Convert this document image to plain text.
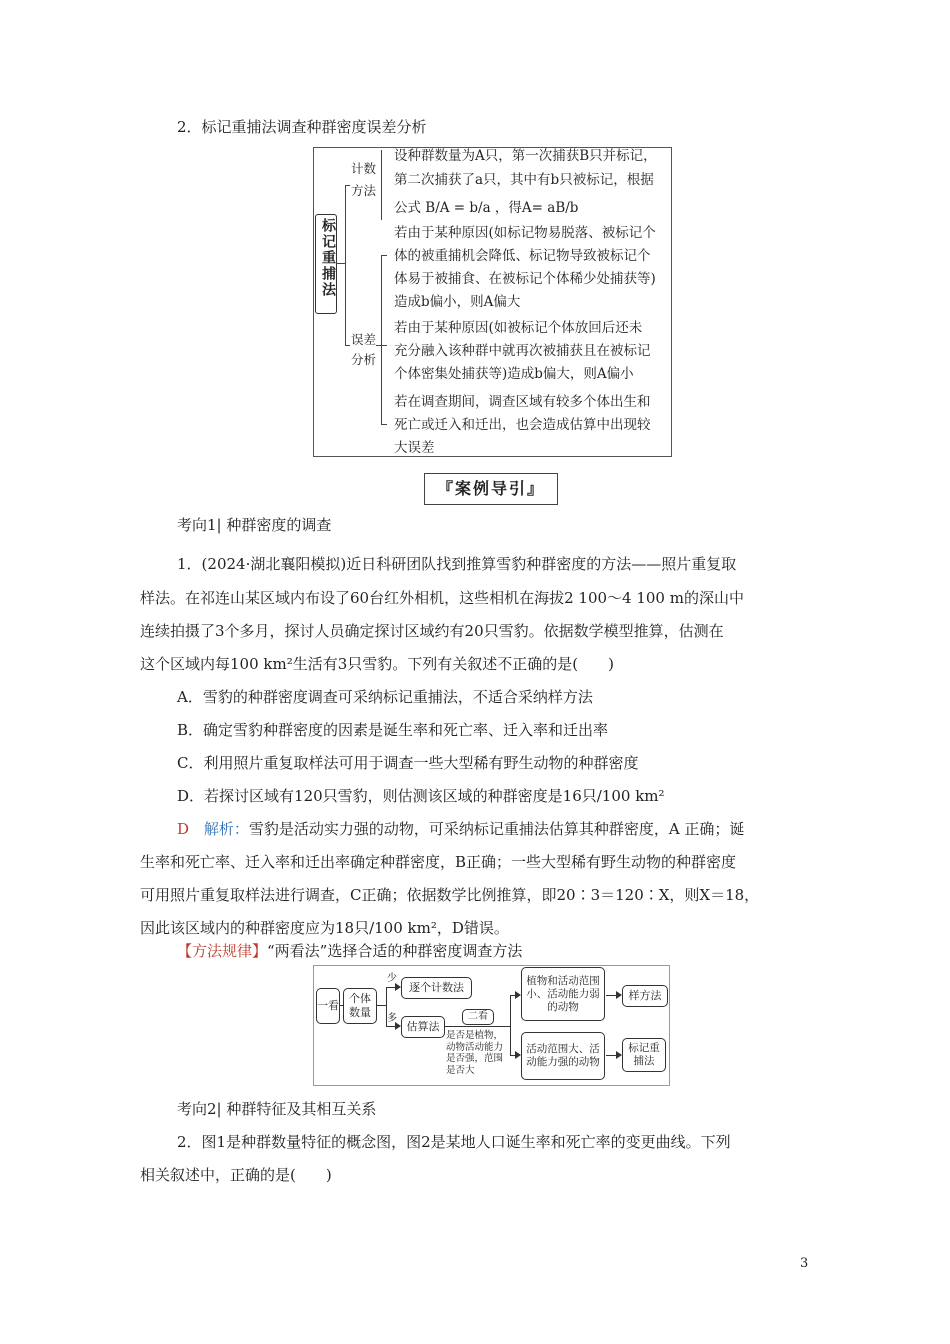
2．标记重捕法调查种群密度误差分析
标记重捕法
计数方法
误差分析
设种群数量为A只，第一次捕获B只并标记，
第二次捕获了a只，其中有b只被标记，根据
公式 B/A = b/a ，得A= aB/b
若由于某种原因(如标记物易脱落、被标记个
体的被重捕机会降低、标记物导致被标记个
体易于被捕食、在被标记个体稀少处捕获等)
造成b偏小，则A偏大
若由于某种原因(如被标记个体放回后还未
充分融入该种群中就再次被捕获且在被标记
个体密集处捕获等)造成b偏大，则A偏小
若在调查期间，调查区域有较多个体出生和
死亡或迁入和迁出，也会造成估算中出现较
大误差
『案例导引』
考向1| 种群密度的调查
1．(2024·湖北襄阳模拟)近日科研团队找到推算雪豹种群密度的方法——照片重复取
样法。在祁连山某区域内布设了60台红外相机，这些相机在海拔2 100～4 100 m的深山中
连续拍摄了3个多月，探讨人员确定探讨区域约有20只雪豹。依据数学模型推算，估测在
这个区域内每100 km²生活有3只雪豹。下列有关叙述不正确的是(　　)
A．雪豹的种群密度调查可采纳标记重捕法，不适合采纳样方法
B．确定雪豹种群密度的因素是诞生率和死亡率、迁入率和迁出率
C．利用照片重复取样法可用于调查一些大型稀有野生动物的种群密度
D．若探讨区域有120只雪豹，则估测该区域的种群密度是16只/100 km²
D 解析：雪豹是活动实力强的动物，可采纳标记重捕法估算其种群密度，A 正确；诞
生率和死亡率、迁入率和迁出率确定种群密度，B正确；一些大型稀有野生动物的种群密度
可用照片重复取样法进行调查，C正确；依据数学比例推算，即20∶3＝120∶X，则X＝18，
因此该区域内的种群密度应为18只/100 km²，D错误。
【方法规律】“两看法”选择合适的种群密度调查方法
一看
个体数量
少
多
逐个计数法
估算法
二看
是否是植物，动物活动能力是否强，范围是否大
植物和活动范围小、活动能力弱的动物
活动范围大、活动能力强的动物
样方法
标记重捕法
考向2| 种群特征及其相互关系
2．图1是种群数量特征的概念图，图2是某地人口诞生率和死亡率的变更曲线。下列
相关叙述中，正确的是(　　)
3
